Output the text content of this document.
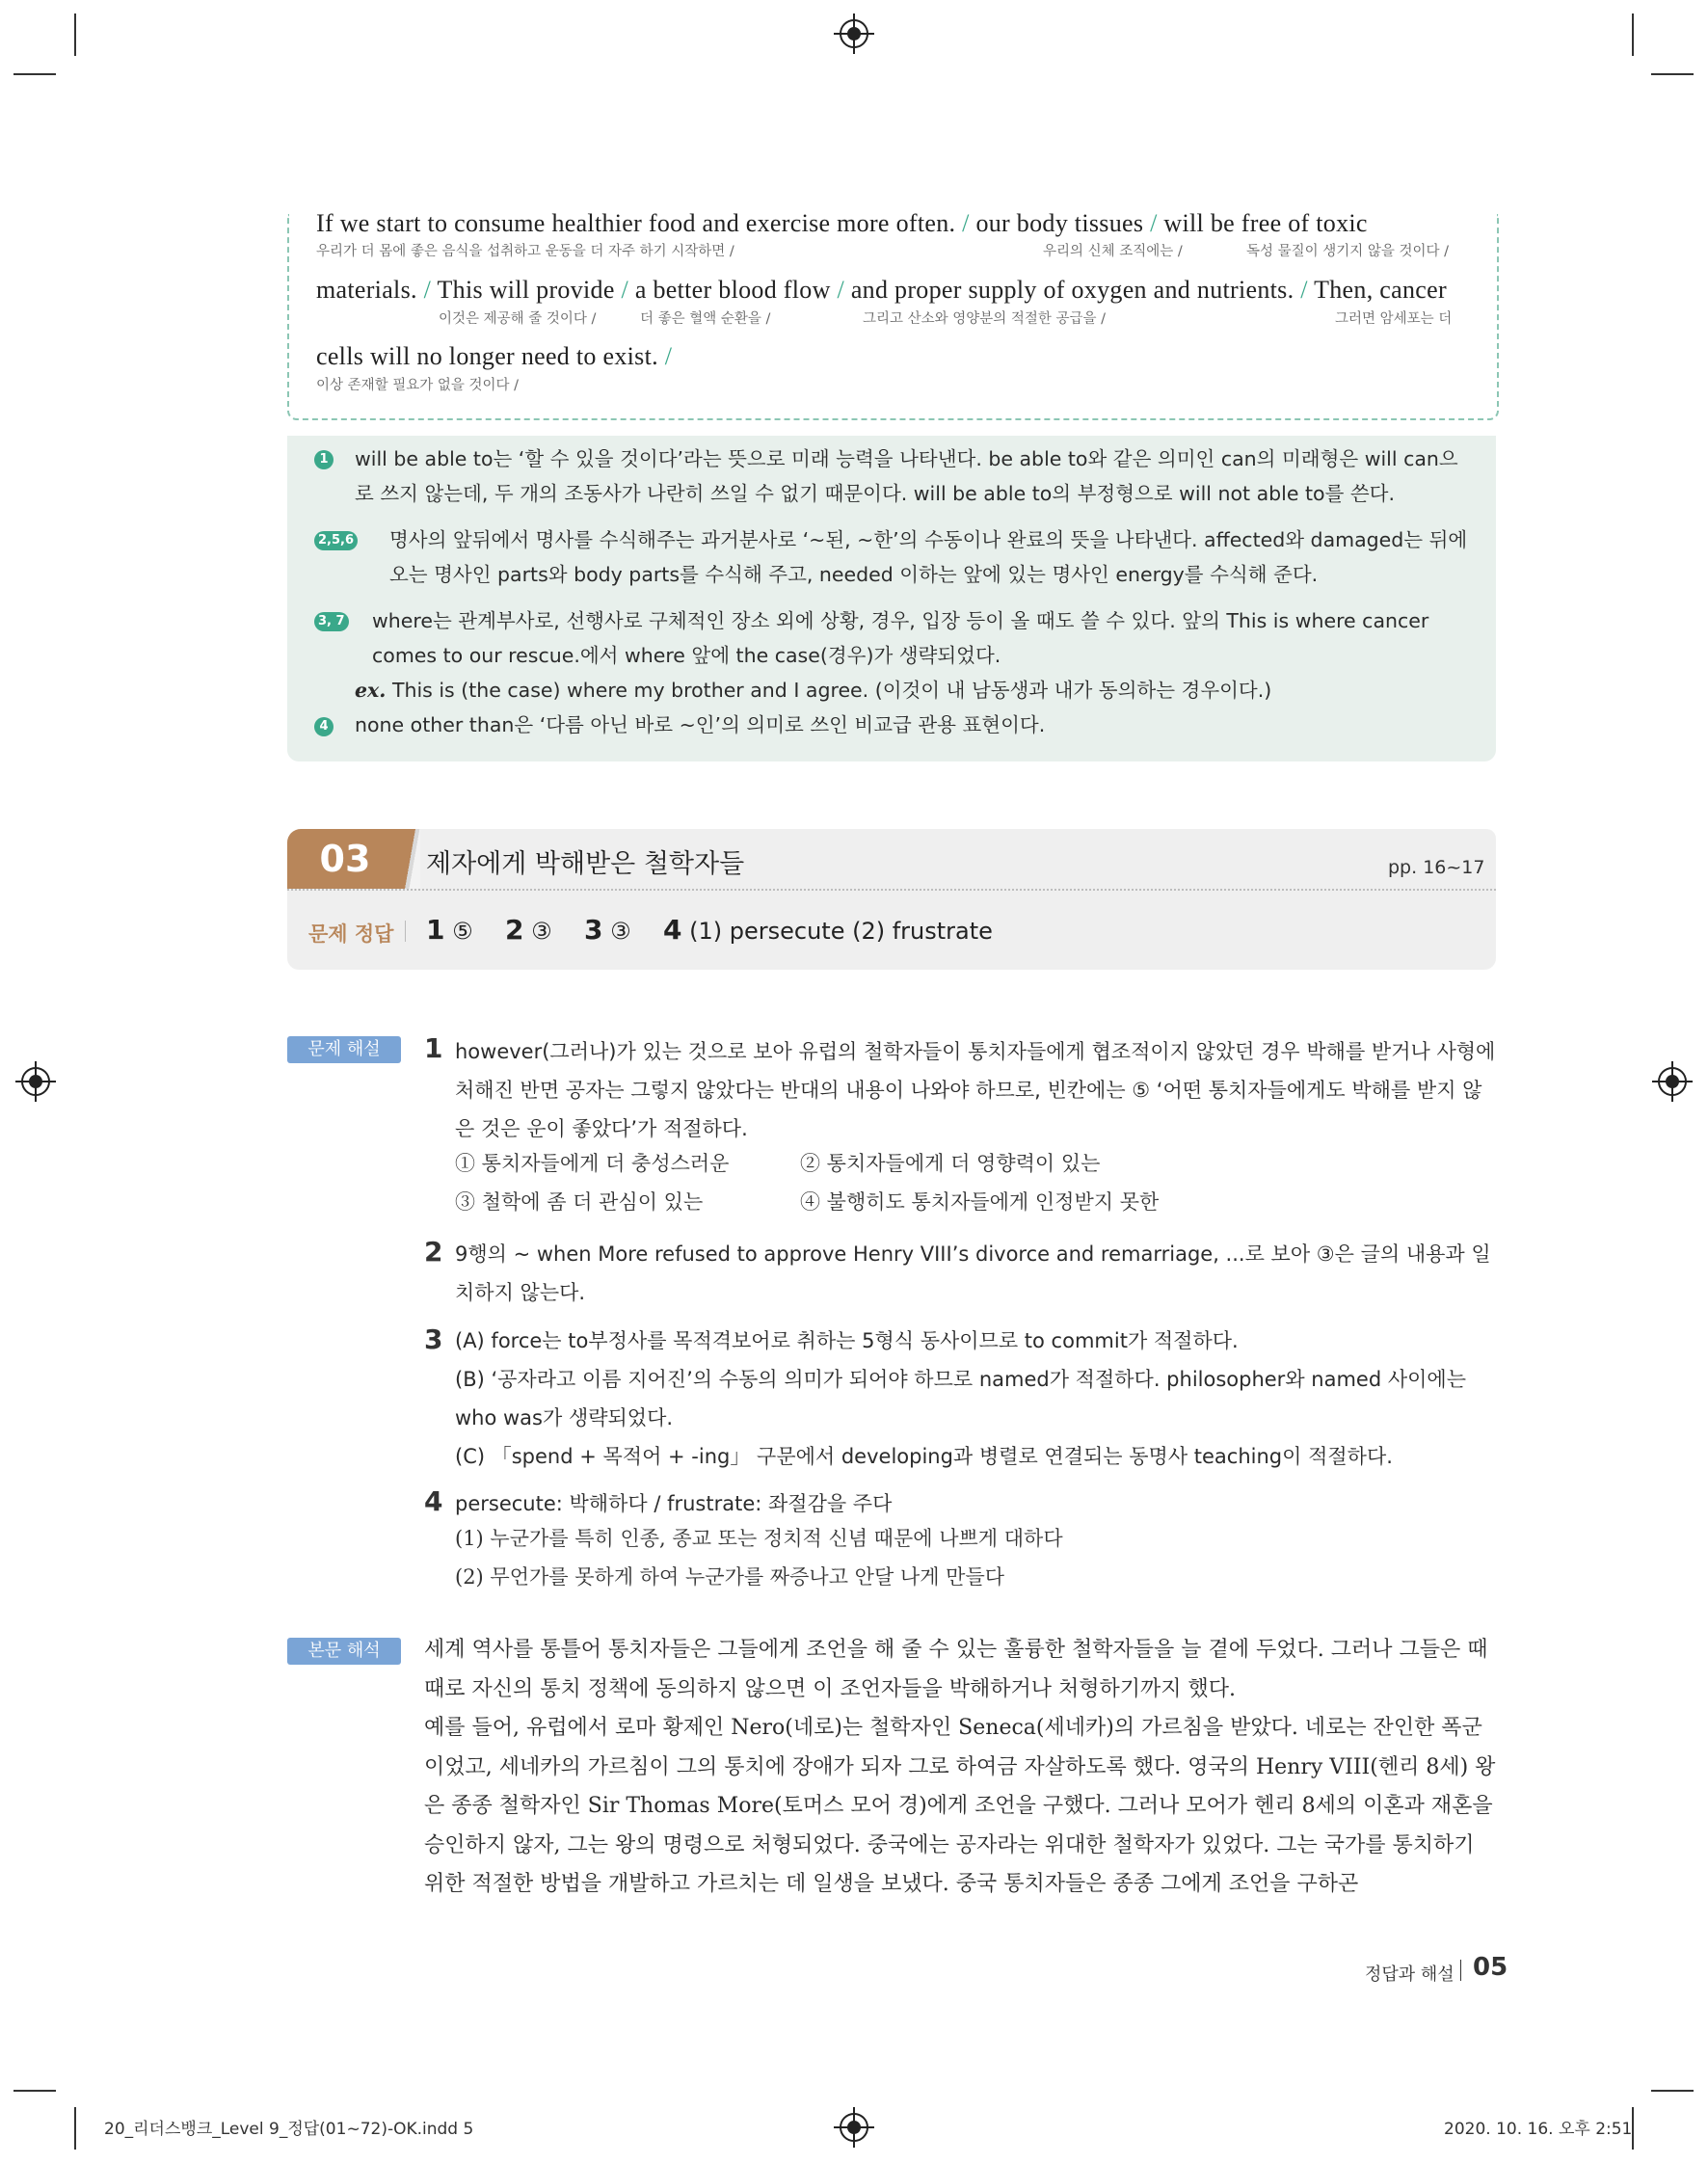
If we start to consume healthier food and exercise more often. / our body tissues / will be free of toxic
우리가 더 몸에 좋은 음식을 섭취하고 운동을 더 자주 하기 시작하면 /	우리의 신체 조직에는 /	독성 물질이 생기지 않을 것이다 /
materials. / This will provide / a better blood flow / and proper supply of oxygen and nutrients. / Then, cancer
이것은 제공해 줄 것이다 /	더 좋은 혈액 순환을 /	그리고 산소와 영양분의 적절한 공급을 /	그러면 암세포는 더
cells will no longer need to exist. /
이상 존재할 필요가 없을 것이다 /
1 will be able to는 ‘할 수 있을 것이다’라는 뜻으로 미래 능력을 나타낸다. be able to와 같은 의미인 can의 미래형은 will can으로 쓰지 않는데, 두 개의 조동사가 나란히 쓰일 수 없기 때문이다. will be able to의 부정형으로 will not able to를 쓴다.
2,5,6 명사의 앞뒤에서 명사를 수식해주는 과거분사로 ‘~된, ~한’의 수동이나 완료의 뜻을 나타낸다. affected와 damaged는 뒤에 오는 명사인 parts와 body parts를 수식해 주고, needed 이하는 앞에 있는 명사인 energy를 수식해 준다.
3, 7 where는 관계부사로, 선행사로 구체적인 장소 외에 상황, 경우, 입장 등이 올 때도 쓸 수 있다. 앞의 This is where cancer comes to our rescue.에서 where 앞에 the case(경우)가 생략되었다.
ex. This is (the case) where my brother and I agree. (이것이 내 남동생과 내가 동의하는 경우이다.)
4 none other than은 ‘다름 아닌 바로 ~인’의 의미로 쓰인 비교급 관용 표현이다.
03	제자에게 박해받은 철학자들	pp. 16~17
문제 정답 1 ⑤ 2 ③ 3 ③ 4 (1) persecute (2) frustrate
문제 해설	1 however(그러나)가 있는 것으로 보아 유럽의 철학자들이 통치자들에게 협조적이지 않았던 경우 박해를 받거나 사형에 처해진 반면 공자는 그렇지 않았다는 반대의 내용이 나와야 하므로, 빈칸에는 ⑤ ‘어떤 통치자들에게도 박해를 받지 않은 것은 운이 좋았다’가 적절하다.
① 통치자들에게 더 충성스러운	② 통치자들에게 더 영향력이 있는
③ 철학에 좀 더 관심이 있는	④ 불행히도 통치자들에게 인정받지 못한
2 9행의 ~ when More refused to approve Henry VIII’s divorce and remarriage, ...로 보아 ③은 글의 내용과 일치하지 않는다.
3 (A) force는 to부정사를 목적격보어로 취하는 5형식 동사이므로 to commit가 적절하다.
(B) ‘공자라고 이름 지어진’의 수동의 의미가 되어야 하므로 named가 적절하다. philosopher와 named 사이에는 who was가 생략되었다.
(C) 「spend + 목적어 + -ing」 구문에서 developing과 병렬로 연결되는 동명사 teaching이 적절하다.
4 persecute: 박해하다 / frustrate: 좌절감을 주다
(1) 누군가를 특히 인종, 종교 또는 정치적 신념 때문에 나쁘게 대하다
(2) 무언가를 못하게 하여 누군가를 짜증나고 안달 나게 만들다
본문 해석	세계 역사를 통틀어 통치자들은 그들에게 조언을 해 줄 수 있는 훌륭한 철학자들을 늘 곁에 두었다. 그러나 그들은 때때로 자신의 통치 정책에 동의하지 않으면 이 조언자들을 박해하거나 처형하기까지 했다.
예를 들어, 유럽에서 로마 황제인 Nero(네로)는 철학자인 Seneca(세네카)의 가르침을 받았다. 네로는 잔인한 폭군이었고, 세네카의 가르침이 그의 통치에 장애가 되자 그로 하여금 자살하도록 했다. 영국의 Henry VIII(헨리 8세) 왕은 종종 철학자인 Sir Thomas More(토머스 모어 경)에게 조언을 구했다. 그러나 모어가 헨리 8세의 이혼과 재혼을 승인하지 않자, 그는 왕의 명령으로 처형되었다. 중국에는 공자라는 위대한 철학자가 있었다. 그는 국가를 통치하기 위한 적절한 방법을 개발하고 가르치는 데 일생을 보냈다. 중국 통치자들은 종종 그에게 조언을 구하곤
정답과 해설 05
20_리더스뱅크_Level 9_정답(01~72)-OK.indd 5	2020. 10. 16. 오후 2:51
